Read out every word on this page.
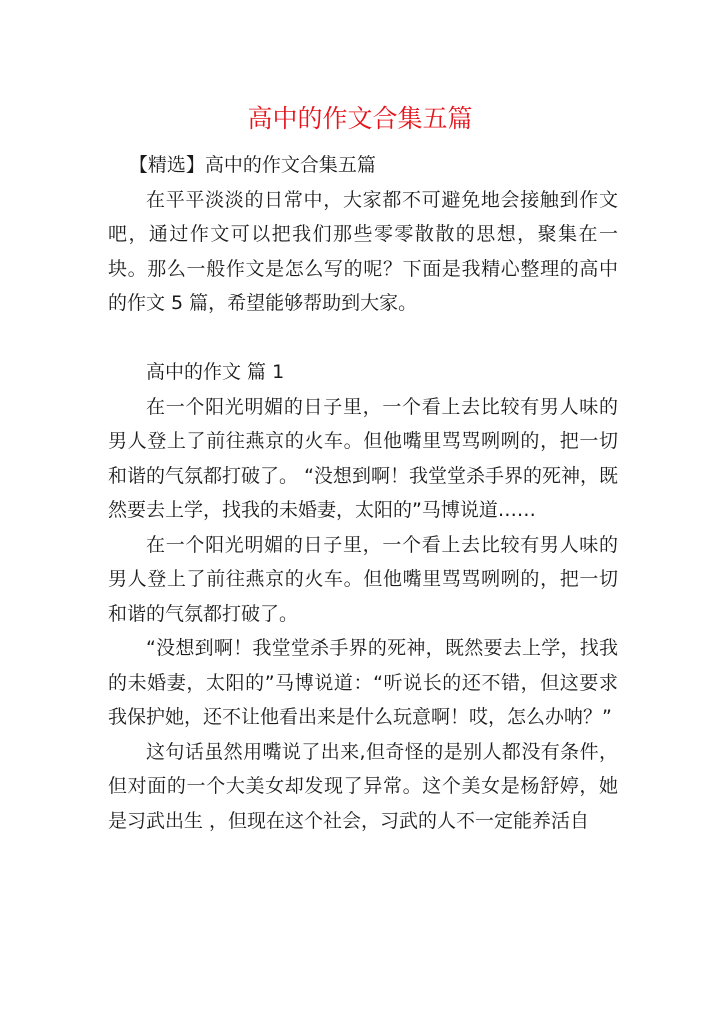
高中的作文合集五篇

【精选】高中的作文合集五篇

在平平淡淡的日常中，大家都不可避免地会接触到作文吧，通过作文可以把我们那些零零散散的思想，聚集在一块。那么一般作文是怎么写的呢？下面是我精心整理的高中的作文 5 篇，希望能够帮助到大家。

高中的作文 篇 1

在一个阳光明媚的日子里，一个看上去比较有男人味的男人登上了前往燕京的火车。但他嘴里骂骂咧咧的，把一切和谐的气氛都打破了。 “没想到啊！我堂堂杀手界的死神，既然要去上学，找我的未婚妻，太阳的”马博说道……

在一个阳光明媚的日子里，一个看上去比较有男人味的男人登上了前往燕京的火车。但他嘴里骂骂咧咧的，把一切和谐的气氛都打破了。

“没想到啊！我堂堂杀手界的死神，既然要去上学，找我的未婚妻，太阳的”马博说道：“听说长的还不错，但这要求我保护她，还不让他看出来是什么玩意啊！哎，怎么办呐？”

这句话虽然用嘴说了出来,但奇怪的是别人都没有条件，但对面的一个大美女却发现了异常。这个美女是杨舒婷，她是习武出生 ，但现在这个社会，习武的人不一定能养活自
